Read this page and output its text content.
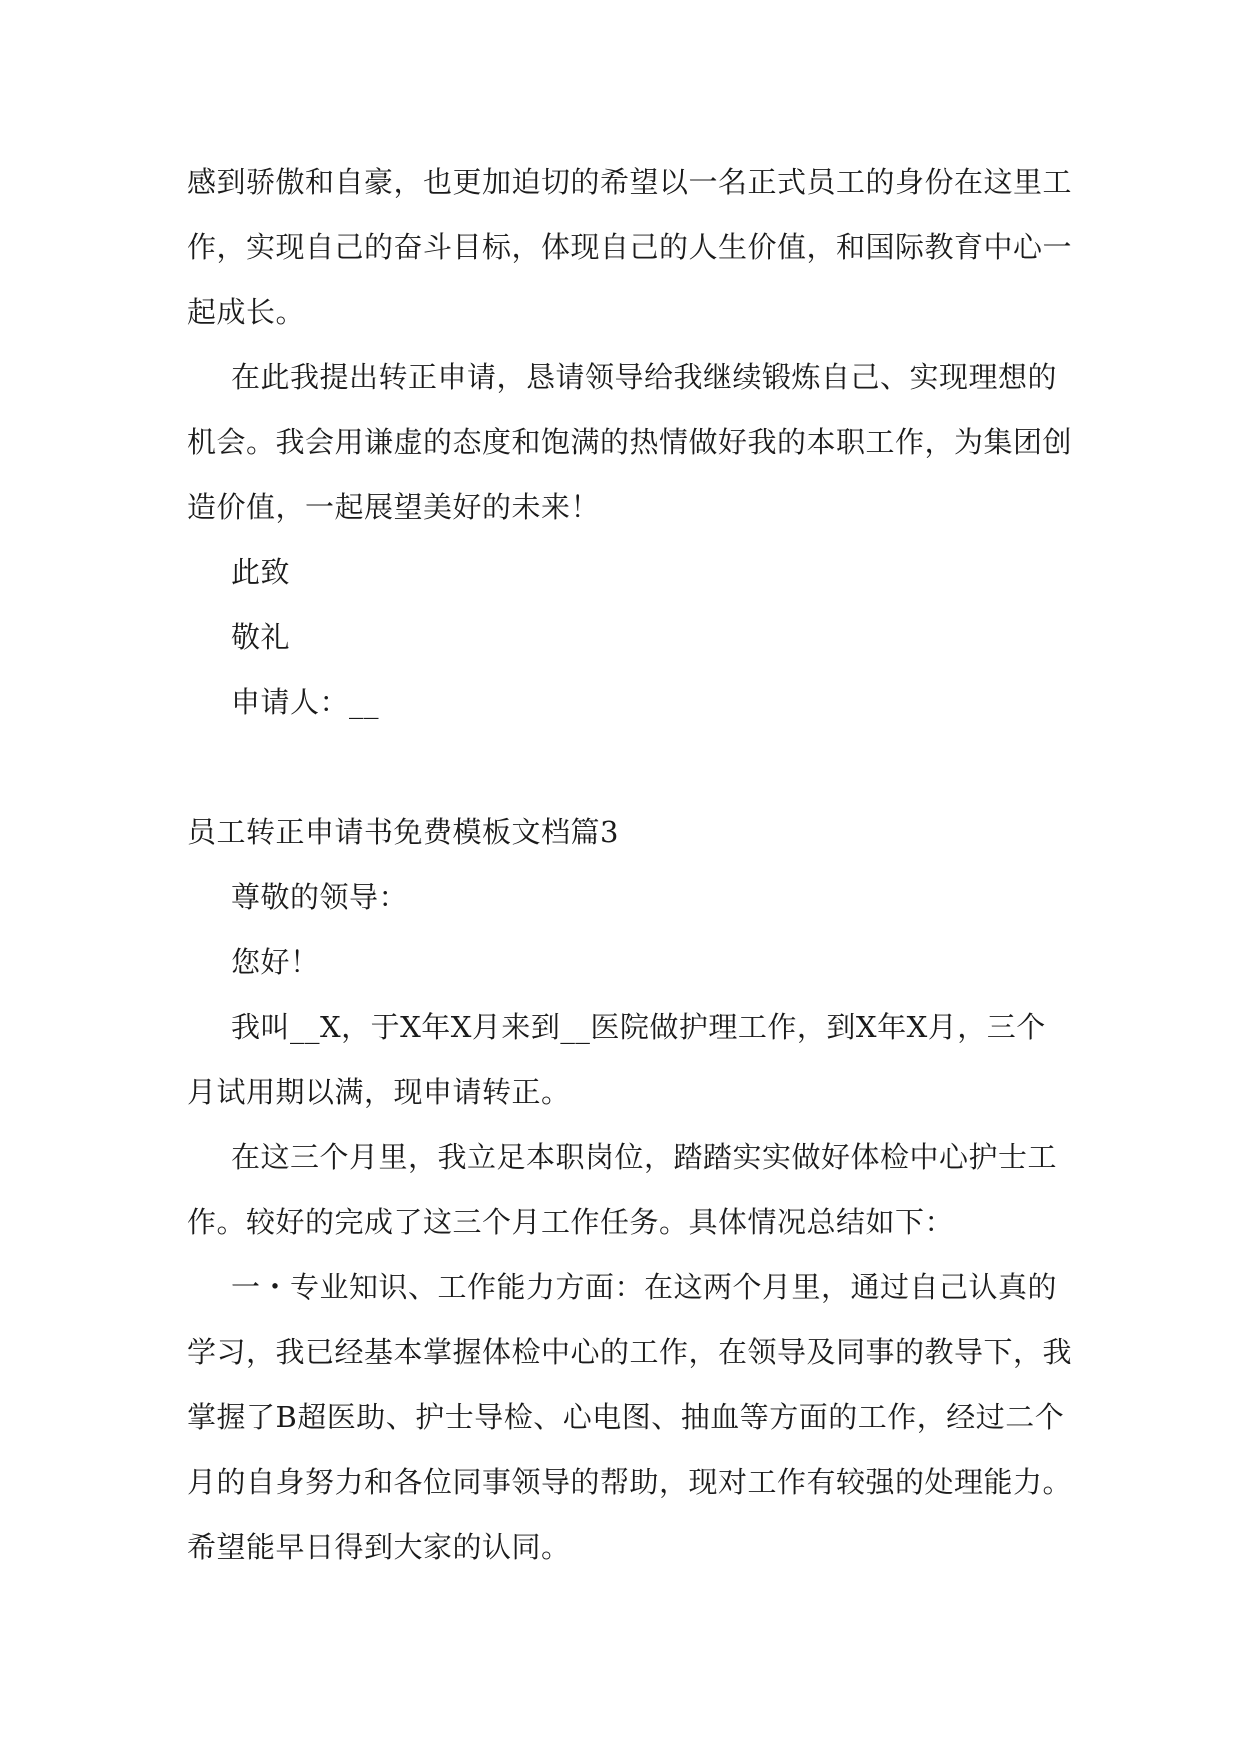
感到骄傲和自豪，也更加迫切的希望以一名正式员工的身份在这里工
作，实现自己的奋斗目标，体现自己的人生价值，和国际教育中心一
起成长。
在此我提出转正申请，恳请领导给我继续锻炼自己、实现理想的
机会。我会用谦虚的态度和饱满的热情做好我的本职工作，为集团创
造价值，一起展望美好的未来！
此致
敬礼
申请人：__
员工转正申请书免费模板文档篇3
尊敬的领导：
您好！
我叫__X，于X年X月来到__医院做护理工作，到X年X月，三个
月试用期以满，现申请转正。
在这三个月里，我立足本职岗位，踏踏实实做好体检中心护士工
作。较好的完成了这三个月工作任务。具体情况总结如下：
一・专业知识、工作能力方面：在这两个月里，通过自己认真的
学习，我已经基本掌握体检中心的工作，在领导及同事的教导下，我
掌握了B超医助、护士导检、心电图、抽血等方面的工作，经过二个
月的自身努力和各位同事领导的帮助，现对工作有较强的处理能力。
希望能早日得到大家的认同。
